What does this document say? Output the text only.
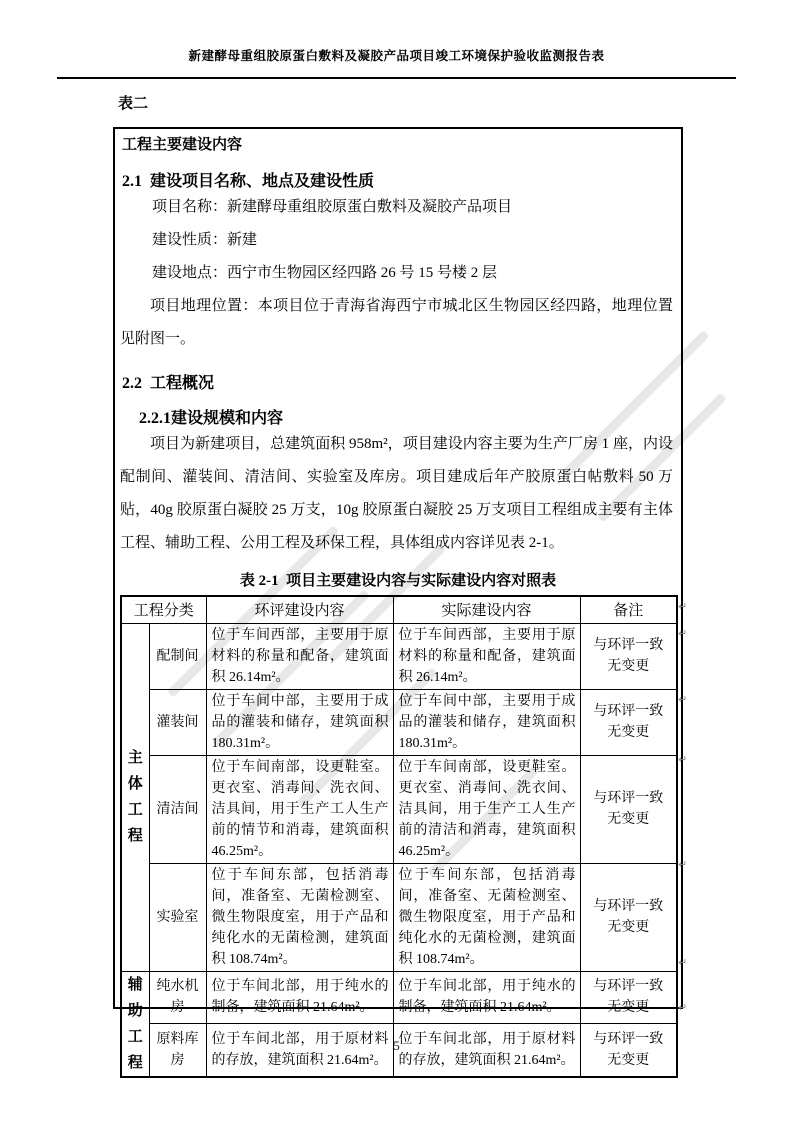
新建酵母重组胶原蛋白敷料及凝胶产品项目竣工环境保护验收监测报告表
表二
工程主要建设内容
2.1  建设项目名称、地点及建设性质
项目名称：新建酵母重组胶原蛋白敷料及凝胶产品项目
建设性质：新建
建设地点：西宁市生物园区经四路 26 号 15 号楼 2 层
项目地理位置：本项目位于青海省海西宁市城北区生物园区经四路，地理位置见附图一。
2.2  工程概况
2.2.1建设规模和内容
项目为新建项目，总建筑面积 958m²，项目建设内容主要为生产厂房 1 座，内设配制间、灌装间、清洁间、实验室及库房。项目建成后年产胶原蛋白帖敷料 50 万贴，40g 胶原蛋白凝胶 25 万支，10g 胶原蛋白凝胶 25 万支项目工程组成主要有主体工程、辅助工程、公用工程及环保工程，具体组成内容详见表 2-1。
表 2-1  项目主要建设内容与实际建设内容对照表
工程分类		环评建设内容	实际建设内容	备注

主体工程	配制间	位于车间西部，主要用于原材料的称量和配备，建筑面积 26.14m²。	位于车间西部，主要用于原材料的称量和配备，建筑面积 26.14m²。	与环评一致 无变更
	灌装间	位于车间中部，主要用于成品的灌装和储存，建筑面积 180.31m²。	位于车间中部，主要用于成品的灌装和储存，建筑面积 180.31m²。	与环评一致 无变更
	清洁间	位于车间南部，设更鞋室。更衣室、消毒间、洗衣间、洁具间，用于生产工人生产前的情节和消毒，建筑面积 46.25m²。	位于车间南部，设更鞋室。更衣室、消毒间、洗衣间、洁具间，用于生产工人生产前的清洁和消毒，建筑面积 46.25m²。	与环评一致 无变更
	实验室	位于车间东部，包括消毒间，准备室、无菌检测室、微生物限度室，用于产品和纯化水的无菌检测，建筑面积 108.74m²。	位于车间东部，包括消毒间，准备室、无菌检测室、微生物限度室，用于产品和纯化水的无菌检测，建筑面积 108.74m²。	与环评一致 无变更

辅助工程	纯水机房	位于车间北部，用于纯水的制备，建筑面积 21.64m²。	位于车间北部，用于纯水的制备，建筑面积 21.64m²。	与环评一致 无变更
	原料库房	位于车间北部，用于原材料的存放，建筑面积 21.64m²。	位于车间北部，用于原材料的存放，建筑面积 21.64m²。	与环评一致 无变更
↵
↵
↵
↵
↵
↵
↵
5
